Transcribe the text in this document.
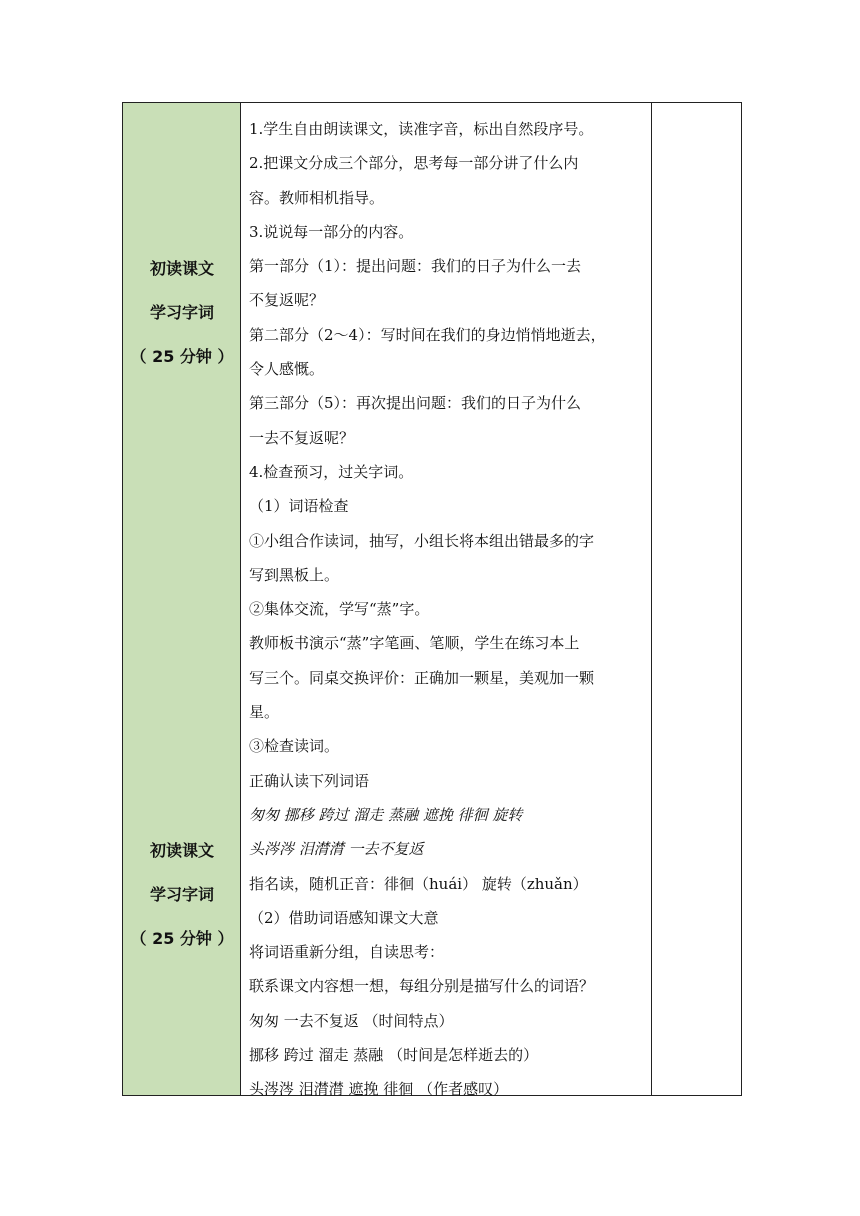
初读课文
学习字词
（ 25 分钟 ）
初读课文
学习字词
（ 25 分钟 ）
1.学生自由朗读课文，读准字音，标出自然段序号。
2.把课文分成三个部分，思考每一部分讲了什么内
容。教师相机指导。
3.说说每一部分的内容。
第一部分（1）：提出问题：我们的日子为什么一去
不复返呢？
第二部分（2～4）：写时间在我们的身边悄悄地逝去，
令人感慨。
第三部分（5）：再次提出问题：我们的日子为什么
一去不复返呢？
4.检查预习，过关字词。
（1）词语检查
①小组合作读词，抽写，小组长将本组出错最多的字
写到黑板上。
②集体交流，学写“蒸”字。
教师板书演示“蒸”字笔画、笔顺，学生在练习本上
写三个。同桌交换评价：正确加一颗星，美观加一颗
星。
③检查读词。
正确认读下列词语
匆匆 挪移 跨过 溜走 蒸融 遮挽 徘徊 旋转
头涔涔 泪潸潸 一去不复返
指名读，随机正音：徘徊（huái） 旋转（zhuǎn）
（2）借助词语感知课文大意
将词语重新分组，自读思考：
联系课文内容想一想，每组分别是描写什么的词语？
匆匆 一去不复返 （时间特点）
挪移 跨过 溜走 蒸融 （时间是怎样逝去的）
头涔涔 泪潸潸 遮挽 徘徊 （作者感叹）
